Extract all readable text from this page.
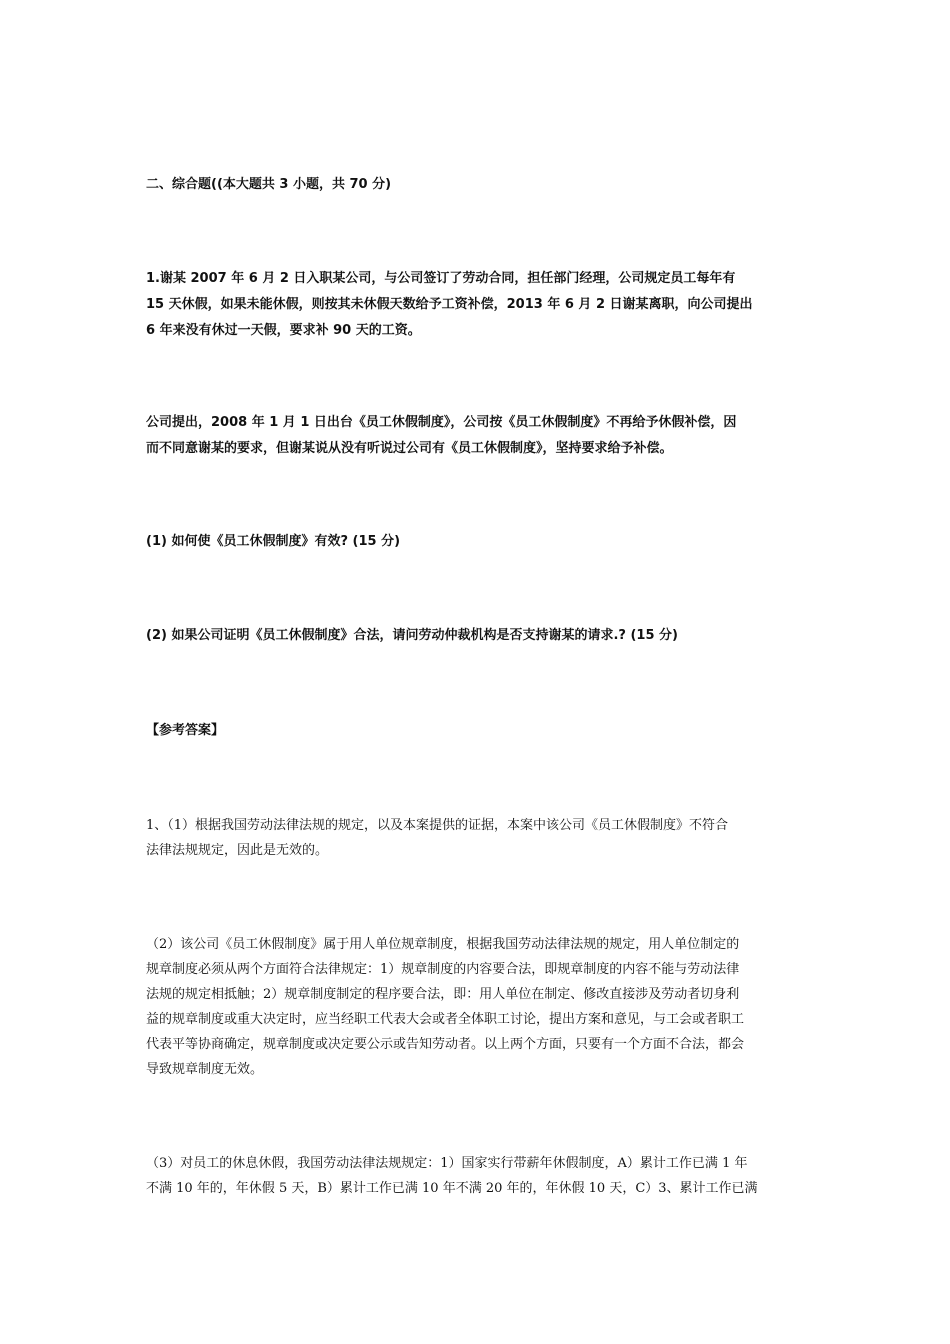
二、综合题((本大题共 3 小题，共 70 分)
1.谢某 2007 年 6 月 2 日入职某公司，与公司签订了劳动合同，担任部门经理，公司规定员工每年有
15 天休假，如果未能休假，则按其未休假天数给予工资补偿，2013 年 6 月 2 日谢某离职，向公司提出
6 年来没有休过一天假，要求补 90 天的工资。
公司提出，2008 年 1 月 1 日出台《员工休假制度》，公司按《员工休假制度》不再给予休假补偿，因
而不同意谢某的要求，但谢某说从没有听说过公司有《员工休假制度》，坚持要求给予补偿。
(1) 如何使《员工休假制度》有效? (15 分)
(2) 如果公司证明《员工休假制度》合法，请问劳动仲裁机构是否支持谢某的请求.? (15 分)
【参考答案】
1、（1）根据我国劳动法律法规的规定，以及本案提供的证据，本案中该公司《员工休假制度》不符合
法律法规规定，因此是无效的。
（2）该公司《员工休假制度》属于用人单位规章制度，根据我国劳动法律法规的规定，用人单位制定的
规章制度必须从两个方面符合法律规定：1）规章制度的内容要合法，即规章制度的内容不能与劳动法律
法规的规定相抵触；2）规章制度制定的程序要合法，即：用人单位在制定、修改直接涉及劳动者切身利
益的规章制度或重大决定时，应当经职工代表大会或者全体职工讨论，提出方案和意见，与工会或者职工
代表平等协商确定，规章制度或决定要公示或告知劳动者。以上两个方面，只要有一个方面不合法，都会
导致规章制度无效。
（3）对员工的休息休假，我国劳动法律法规规定：1）国家实行带薪年休假制度，A）累计工作已满 1 年
不满 10 年的，年休假 5 天，B）累计工作已满 10 年不满 20 年的，年休假 10 天，C）3、累计工作已满
